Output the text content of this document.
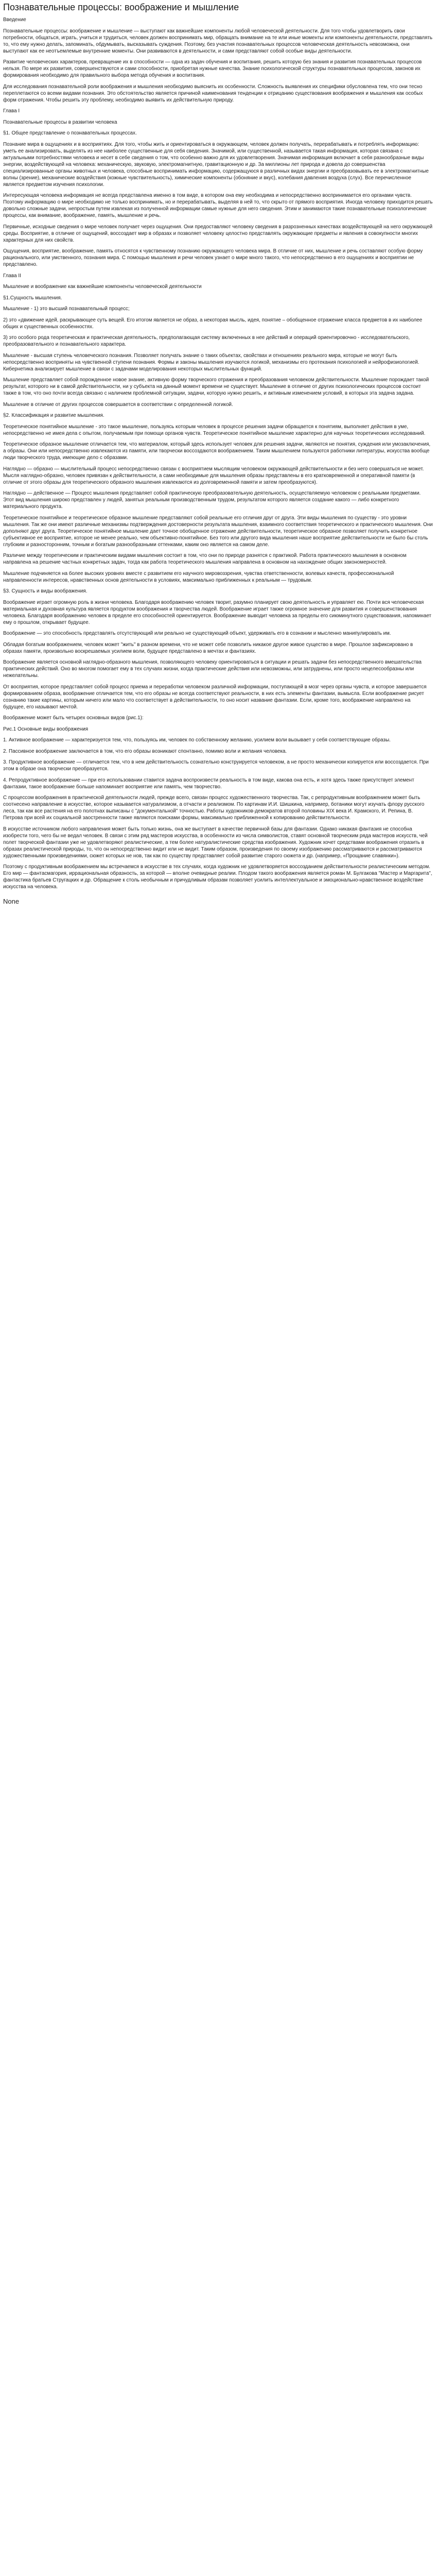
Познавательные процессы: воображение и мышление
Введение
Познавательные процессы: воображение и мышление — выступают как важнейшие компоненты любой человеческой деятельности. Для того чтобы удовлетворить свои потребности, общаться, играть, учиться и трудиться, человек должен воспринимать мир, обращать внимание на те или иные моменты или компоненты деятельности, представлять то, что ему нужно делать, запоминать, обдумывать, высказывать суждения. Поэтому, без участия познавательных процессов человеческая деятельность невозможна, они выступают как ее неотъемлемые внутренние моменты. Они развиваются в деятельности, и сами представляют собой особые виды деятельности.
Развитие человеческих характеров, превращение их в способности — одна из задач обучения и воспитания, решить которую без знания и развития познавательных процессов нельзя. По мере их развития, совершенствуются и сами способности, приобретая нужные качества. Знание психологической структуры познавательных процессов, законов их формирования необходимо для правильного выбора метода обучения и воспитания.
Для исследования познавательной роли воображения и мышления необходимо выяснить их особенности. Сложность выявления их специфики обусловлена тем, что они тесно переплетаются со всеми видами познания. Это обстоятельство является причиной наименования тенденции к отрицанию существования воображения и мышления как особых форм отражения. Чтобы решить эту проблему, необходимо выявить их действительную природу.
Глава I
Познавательные процессы в развитии человека
§1. Общее представление о познавательных процессах.
Познание мира в ощущениях и в восприятиях. Для того, чтобы жить и ориентироваться в окружающем, человек должен получать, перерабатывать и потреблять информацию: уметь ее анализировать, выделять из нее наиболее существенные для себя сведения. Значимой, или существенной, называется такая информация, которая связана с актуальными потребностями человека и несет в себе сведения о том, что особенно важно для их удовлетворения. Значимая информация включает в себя разнообразные виды энергии, воздействующей на человека: механическую, звуковую, электромагнитную, гравитационную и др. За миллионы лет природа и довела до совершенства специализированные органы животных и человека, способные воспринимать информацию, содержащуюся в различных видах энергии и преобразовывать ее в электромагнитные волны (зрение), механические воздействия (кожные чувствительность), химические компоненты (обоняние и вкус), колебания давления воздуха (слух). Все перечисленное является предметом изучения психологии.
Интересующая человека информация не всегда представлена именно в том виде, в котором она ему необходима и непосредственно воспринимается его органами чувств. Поэтому информацию о мире необходимо не только воспринимать, но и перерабатывать, выделяя в ней то, что скрыто от прямого восприятия. Иногда человеку приходится решать довольно сложные задачи, непростым путем извлекая из полученной информации самые нужные для него сведения. Этим и занимаются такие познавательные психологические процессы, как внимание, воображение, память, мышление и речь.
Первичные, исходные сведения о мире человек получает через ощущения. Они предоставляют человеку сведения в разрозненных качествах воздействующей на него окружающей среды. Восприятие, в отличие от ощущений, воссоздает мир в образах и позволяет человеку целостно представлять окружающие предметы и явления в совокупности многих характерных для них свойств.
Ощущения, восприятие, воображение, память относятся к чувственному познанию окружающего человека мира. В отличие от них, мышление и речь составляют особую форму рационального, или умственного, познания мира. С помощью мышления и речи человек узнает о мире много такого, что непосредственно в его ощущениях и восприятии не представлено.
Глава II
Мышление и воображение как важнейшие компоненты человеческой деятельности
§1.Сущность мышления.
Мышление - 1) это высший познавательный процесс;
2) это «движение идей, раскрывающее суть вещей. Его итогом является не образ, а некоторая мысль, идея, понятие – обобщенное отражение класса предметов в их наиболее общих и существенных особенностях.
3) это особого рода теоретическая и практическая деятельность, предполагающая систему включенных в нее действий и операций ориентировочно - исследовательского, преобразовательного и познавательного характера.
Мышление - высшая ступень человеческого познания. Позволяет получать знание о таких объектах, свойствах и отношениях реального мира, которые не могут быть непосредственно восприняты на чувственной ступени познания. Формы и законы мышления изучаются логикой, механизмы его протекания психологией и нейрофизиологией. Кибернетика анализирует мышление в связи с задачами моделирования некоторых мыслительных функций.
Мышление представляет собой порожденное новое знание, активную форму творческого отражения и преобразования человеком действительности. Мышление порождает такой результат, которого ни в самой действительности, ни у субъекта на данный момент времени не существует. Мышление в отличие от других психологических процессов состоит также в том, что оно почти всегда связано с наличием проблемной ситуации, задачи, которую нужно решить, и активным изменением условий, в которых эта задача задана.
Мышление в отличие от других процессов совершается в соответствии с определенной логикой.
§2. Классификация и развитие мышления.
Теоретическое понятийное мышление - это такое мышление, пользуясь которым человек в процессе решения задачи обращается к понятиям, выполняет действия в уме, непосредственно не имея дела с опытом, получаемым при помощи органов чувств. Теоретическое понятийное мышление характерно для научных теоретических исследований.
Теоретическое образное мышление отличается тем, что материалом, который здесь использует человек для решения задачи, являются не понятия, суждения или умозаключения, а образы. Они или непосредственно извлекаются из памяти, или творчески воссоздаются воображением. Таким мышлением пользуются работники литературы, искусства вообще люди творческого труда, имеющие дело с образами.
Наглядно — образно — мыслительный процесс непосредственно связан с восприятием мыслящим человеком окружающей действительности и без него совершаться не может. Мысля наглядно-образно, человек привязан к действительности, а сами необходимые для мышления образы представлены в его кратковременной и оперативной памяти (в отличие от этого образы для теоретического образного мышления извлекаются из долговременной памяти и затем преобразуются).
Наглядно — действенное — Процесс мышления представляет собой практическую преобразовательную деятельность, осуществляемую человеком с реальными предметами. Этот вид мышления широко представлен у людей, занятых реальным производственным трудом, результатом которого является создание какого — либо конкретного материального продукта.
Теоретическое понятийное и теоретическое образное мышление представляют собой реальные его отличия друг от друга. Эти виды мышления по существу - это уровни мышления. Так же они имеют различные механизмы подтверждения достоверности результата мышления, взаимного соответствия теоретического и практического мышления. Они дополняют друг друга. Теоретическое понятийное мышление дает точное обобщенное отражение действительности, теоретическое образное позволяет получить конкретное субъективное ее восприятие, которое не менее реально, чем объективно-понятийное. Без того или другого вида мышления наше восприятие действительности не было бы столь глубоким и разносторонним, точным и богатым разнообразными оттенками, каким оно является на самом деле.
Различие между теоретическим и практическим видами мышления состоит в том, что они по природе разнятся с практикой. Работа практического мышления в основном направлена на решение частных конкретных задач, тогда как работа теоретического мышления направлена в основном на нахождение общих закономерностей.
Мышление подчиняется на более высоких уровнях вместе с развитием его научного мировоззрения, чувства ответственности, волевых качеств, профессиональной направленности интересов, нравственных основ деятельности в условиях, максимально приближенных к реальным — трудовым.
§3. Сущность и виды воображения.
Воображение играет огромную роль в жизни человека. Благодаря воображению человек творит, разумно планирует свою деятельность и управляет ею. Почти вся человеческая материальная и духовная культура является продуктом воображения и творчества людей. Воображение играет также огромное значение для развития и совершенствования человека. Благодаря воображению человек в пределе его способностей ориентируется. Воображение выводит человека за пределы его сиюминутного существования, напоминает ему о прошлом, открывает будущее.
Воображение — это способность представлять отсутствующий или реально не существующий объект, удерживать его в сознании и мысленно манипулировать им.
Обладая богатым воображением, человек может "жить" в разном времени, что не может себе позволить никакое другое живое существо в мире. Прошлое зафиксировано в образах памяти, произвольно воскрешаемых усилием воли, будущее представлено в мечтах и фантазиях.
Воображение является основной наглядно-образного мышления, позволяющего человеку ориентироваться в ситуации и решать задачи без непосредственного вмешательства практических действий. Оно во многом помогает ему в тех случаях жизни, когда практические действия или невозможны, или затруднены, или просто нецелесообразны или нежелательны.
От восприятия, которое представляет собой процесс приема и переработки человеком различной информации, поступающей в мозг через органы чувств, и которое завершается формированием образа, воображение отличается тем, что его образы не всегда соответствуют реальности, в них есть элементы фантазии, вымысла. Если воображение рисует сознанию такие картины, которым ничего или мало что соответствует в действительности, то оно носит название фантазии. Если, кроме того, воображение направлено на будущее, его называют мечтой.
Воображение может быть четырех основных видов (рис.1):
Рис.1 Основные виды воображения
1. Активное воображение — характеризуется тем, что, пользуясь им, человек по собственному желанию, усилием воли вызывает у себя соответствующие образы.
2. Пассивное воображение заключается в том, что его образы возникают спонтанно, помимо воли и желания человека.
3. Продуктивное воображение — отличается тем, что в нем действительность сознательно конструируется человеком, а не просто механически копируется или воссоздается. При этом в образе она творчески преобразуется.
4. Репродуктивное воображение — при его использовании ставится задача воспроизвести реальность в том виде, какова она есть, и хотя здесь также присутствует элемент фантазии, такое воображение больше напоминает восприятие или память, чем творчество.
С процессом воображения в практической деятельности людей, прежде всего, связан процесс художественного творчества. Так, с репродуктивным воображением может быть соотнесено направление в искусстве, которое называется натурализмом, а отчасти и реализмом. По картинам И.И. Шишкина, например, ботаники могут изучать флору русского леса, так как все растения на его полотнах выписаны с "документальной" точностью. Работы художников-демократов второй половины XIX века И. Крамского, И. Репина, В. Петрова при всей их социальной заостренности также являются поисками формы, максимально приближенной к копированию действительности.
В искусстве источником любого направления может быть только жизнь, она же выступает в качестве первичной базы для фантазии. Однако никакая фантазия не способна изобрести того, чего бы не ведал человек. В связи с этим ряд мастеров искусства, в особенности из числа символистов, ставят основной творческим ряда мастеров искусств, чей полет творческой фантазии уже не удовлетворяют реалистические, а тем более натуралистические средства изображения. Художник хочет средствами воображения отразить в образах реалистической природы, то, что он непосредственно видит или не видит. Таким образом, произведения по своему изображению рассматриваются и рассматриваются художественными произведениями, сюжет которых не нов, так как по существу представляет собой развитие старого сюжета и др. (например, «Прощание славянки»).
Поэтому с продуктивным воображением мы встречаемся в искусстве в тех случаях, когда художник не удовлетворяется воссозданием действительности реалистическим методом. Его мир — фантасмагория, иррациональная образность, за которой — вполне очевидные реалии. Плодом такого воображения является роман М. Булгакова "Мастер и Маргарита", фантастика братьев Стругацких и др. Обращение к столь необычным и причудливым образам позволяет усилить интеллектуальное и эмоционально-нравственное воздействие искусства на человека.
None
